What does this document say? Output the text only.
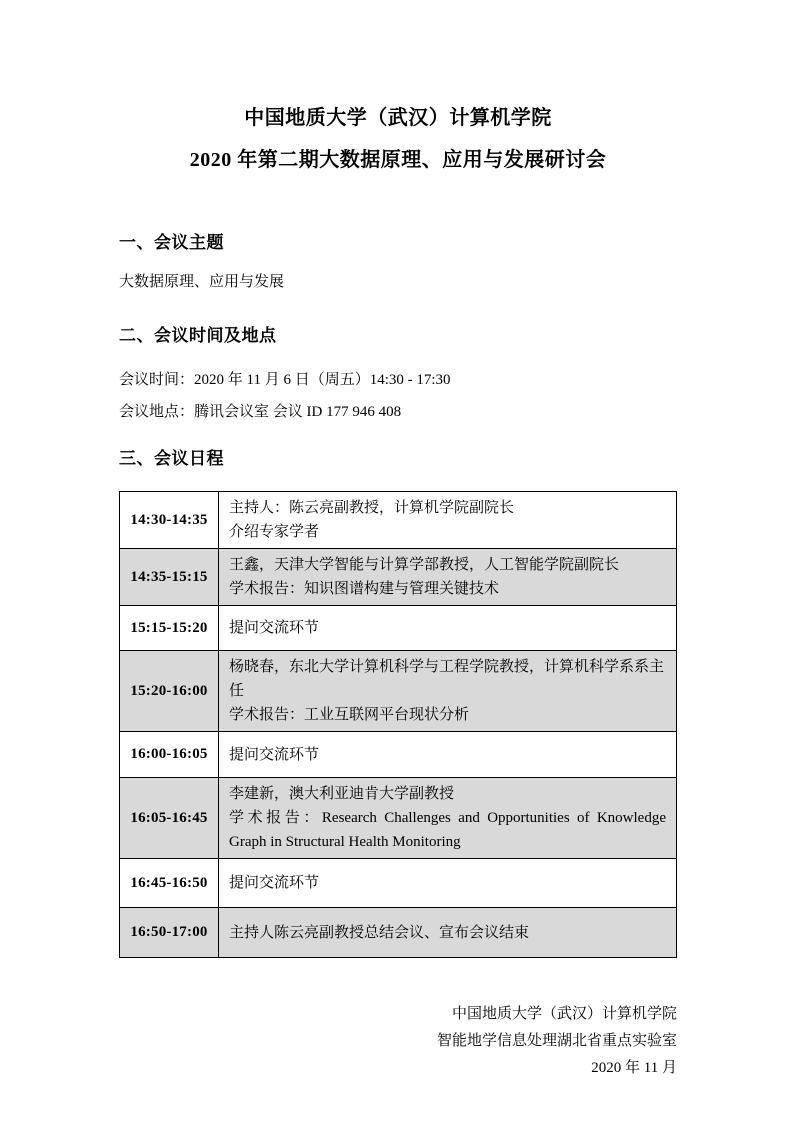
中国地质大学（武汉）计算机学院
2020 年第二期大数据原理、应用与发展研讨会
一、会议主题
大数据原理、应用与发展
二、会议时间及地点
会议时间：2020 年 11 月 6 日（周五）14:30 - 17:30
会议地点：腾讯会议室 会议 ID 177 946 408
三、会议日程
14:30-14:35	主持人：陈云亮副教授，计算机学院副院长

介绍专家学者

14:35-15:15	王鑫，天津大学智能与计算学部教授，人工智能学院副院长

学术报告：知识图谱构建与管理关键技术

15:15-15:20	提问交流环节

15:20-16:00	杨晓春，东北大学计算机科学与工程学院教授，计算机科学系系主任

学术报告：工业互联网平台现状分析

16:00-16:05	提问交流环节

16:05-16:45	李建新，澳大利亚迪肯大学副教授

学术报告：Research Challenges and Opportunities of Knowledge Graph in Structural Health Monitoring

16:45-16:50	提问交流环节

16:50-17:00	主持人陈云亮副教授总结会议、宣布会议结束

中国地质大学（武汉）计算机学院
智能地学信息处理湖北省重点实验室
2020 年 11 月
